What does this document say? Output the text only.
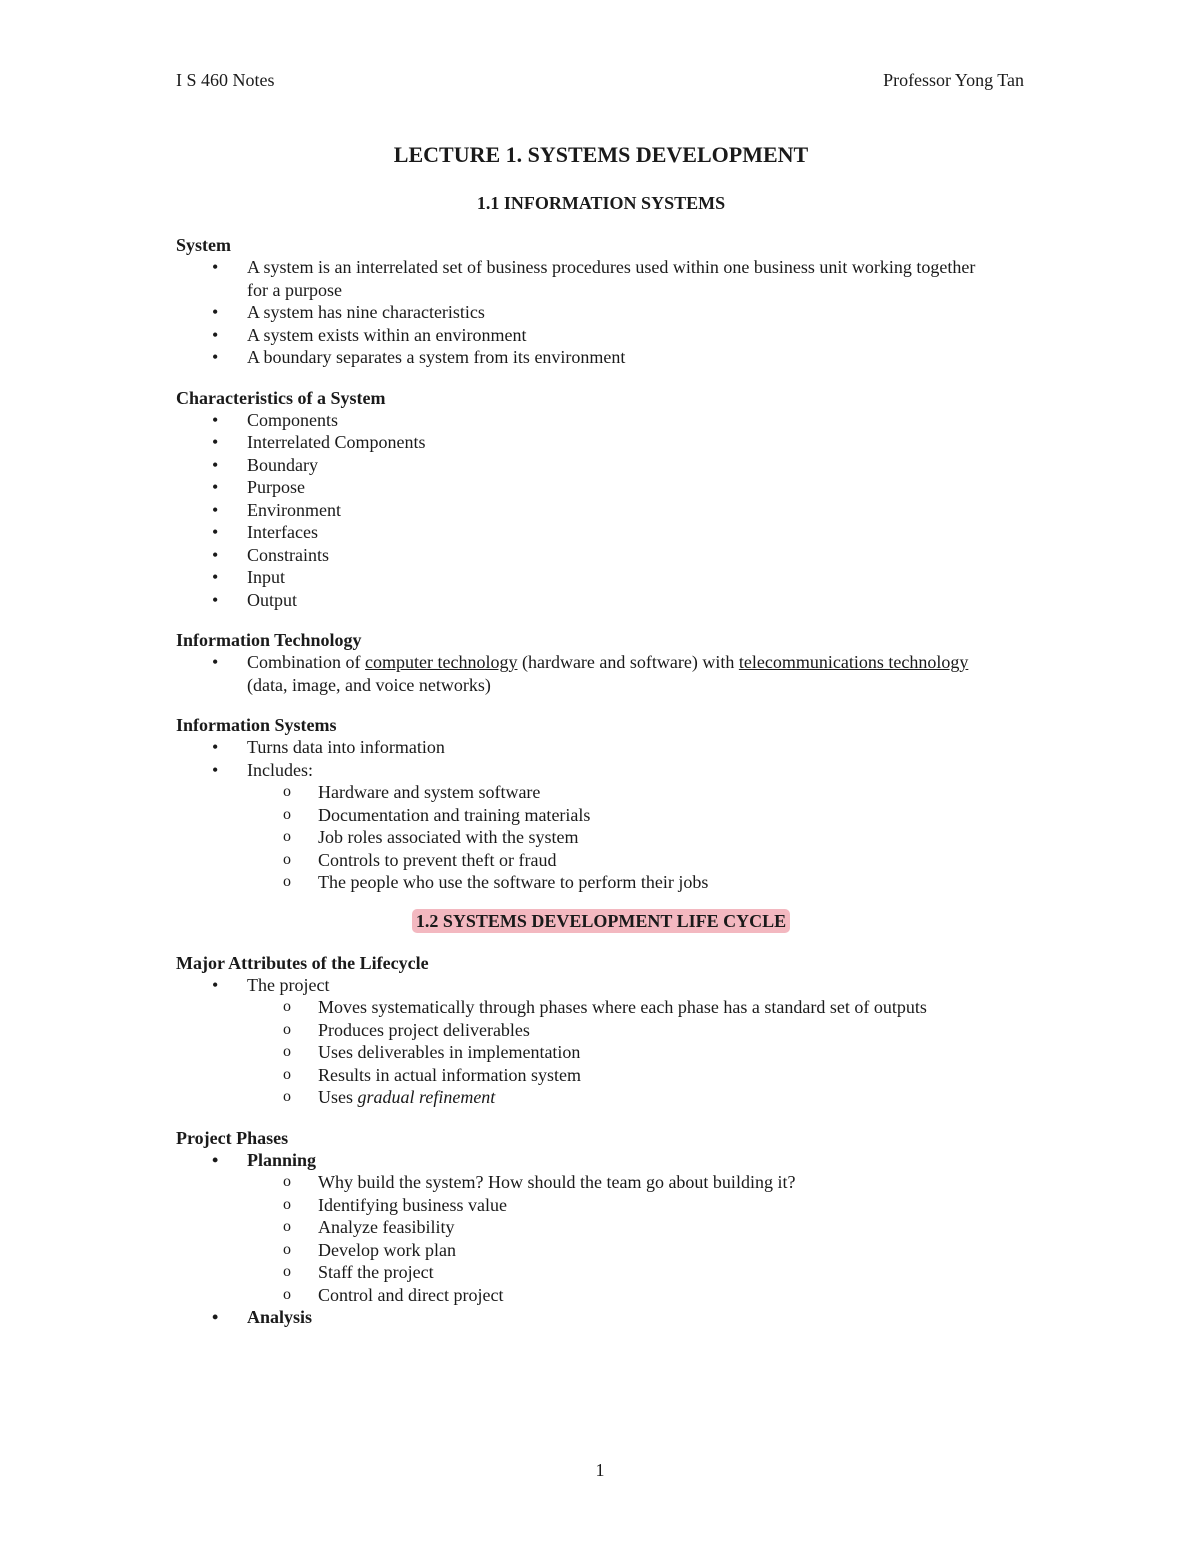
I S 460 Notes	Professor Yong Tan
LECTURE 1. SYSTEMS DEVELOPMENT
1.1 INFORMATION SYSTEMS
System
• A system is an interrelated set of business procedures used within one business unit working together
for a purpose
• A system has nine characteristics
• A system exists within an environment
• A boundary separates a system from its environment
Characteristics of a System
• Components
• Interrelated Components
• Boundary
• Purpose
• Environment
• Interfaces
• Constraints
• Input
• Output
Information Technology
• Combination of computer technology (hardware and software) with telecommunications technology
(data, image, and voice networks)
Information Systems
• Turns data into information
• Includes:
o Hardware and system software
o Documentation and training materials
o Job roles associated with the system
o Controls to prevent theft or fraud
o The people who use the software to perform their jobs
1.2 SYSTEMS DEVELOPMENT LIFE CYCLE
Major Attributes of the Lifecycle
• The project
o Moves systematically through phases where each phase has a standard set of outputs
o Produces project deliverables
o Uses deliverables in implementation
o Results in actual information system
o Uses gradual refinement
Project Phases
• Planning
o Why build the system? How should the team go about building it?
o Identifying business value
o Analyze feasibility
o Develop work plan
o Staff the project
o Control and direct project
• Analysis
1
